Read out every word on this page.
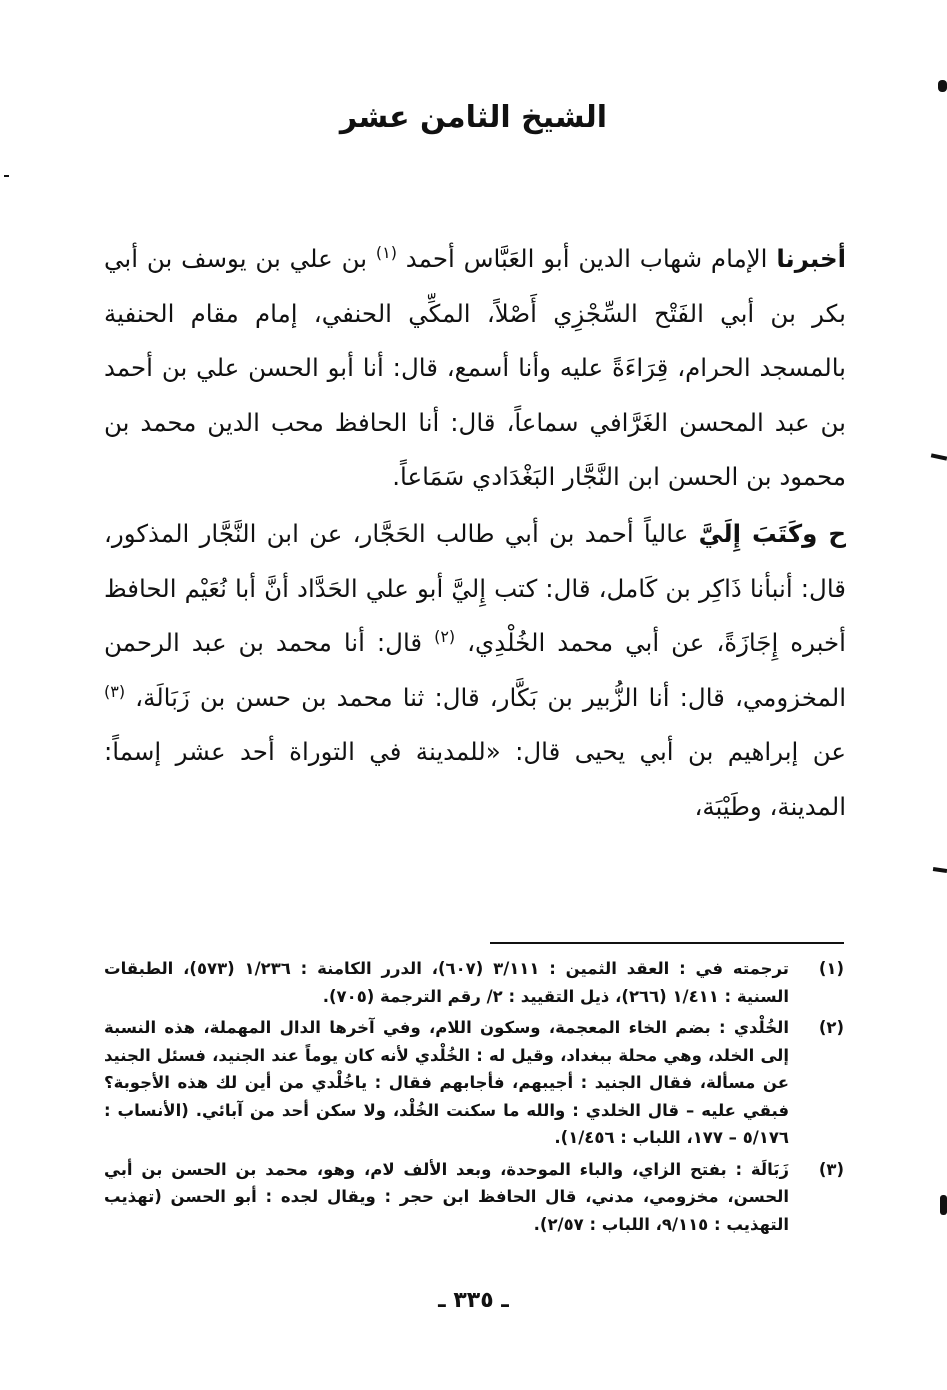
الشيخ الثامن عشر
أخبرنا الإمام شهاب الدين أبو العَبَّاس أحمد $^{(١)}$ بن علي بن يوسف بن أبي بكر بن أبي الفَتْح السِّجْزِي أَصْلاً، المكِّي الحنفي، إمام مقام الحنفية بالمسجد الحرام، قِرَاءَةً عليه وأنا أسمع، قال: أنا أبو الحسن علي بن أحمد بن عبد المحسن الغَرَّافي سماعاً، قال: أنا الحافظ محب الدين محمد بن محمود بن الحسن ابن النَّجَّار البَغْدَادي سَمَاعاً.
ح وكَتَبَ إِلَيَّ عالياً أحمد بن أبي طالب الحَجَّار، عن ابن النَّجَّار المذكور، قال: أنبأنا ذَاكِر بن كَامل، قال: كتب إِليَّ أبو علي الحَدَّاد أنَّ أبا نُعَيْم الحافظ أخبره إِجَازَةً، عن أبي محمد الخُلْدِي، $^{(٢)}$ قال: أنا محمد بن عبد الرحمن المخزومي، قال: أنا الزُّبير بن بَكَّار، قال: ثنا محمد بن حسن بن زَبَالَة، $^{(٣)}$ عن إبراهيم بن أبي يحيى قال: «للمدينة في التوراة أحد عشر إسماً: المدينة، وطَيْبَة،
(١)
ترجمته في : العقد الثمين : ٣/١١١ (٦٠٧)، الدرر الكامنة : ١/٢٣٦ (٥٧٣)، الطبقات السنية : ١/٤١١ (٢٦٦)، ذيل التقييد : ٢/ رقم الترجمة (٧٠٥).
(٢)
الخُلْدي : بضم الخاء المعجمة، وسكون اللام، وفي آخرها الدال المهملة، هذه النسبة إلى الخلد، وهي محلة ببغداد، وقيل له : الخُلْدي لأنه كان يوماً عند الجنيد، فسئل الجنيد عن مسألة، فقال الجنيد : أجيبهم، فأجابهم فقال : ياخُلْدي من أين لك هذه الأجوبة؟ فبقي عليه – قال الخلدي : والله ما سكنت الخُلْد، ولا سكن أحد من آبائي. (الأنساب : ٥/١٧٦ – ١٧٧، اللباب : ١/٤٥٦).
(٣)
زَبَالَة : بفتح الزاي، والباء الموحدة، وبعد الألف لام، وهو، محمد بن الحسن بن أبي الحسن، مخزومي، مدني، قال الحافظ ابن حجر : ويقال لجده : أبو الحسن (تهذيب التهذيب : ٩/١١٥، اللباب : ٢/٥٧).
ـ ٣٣٥ ـ
